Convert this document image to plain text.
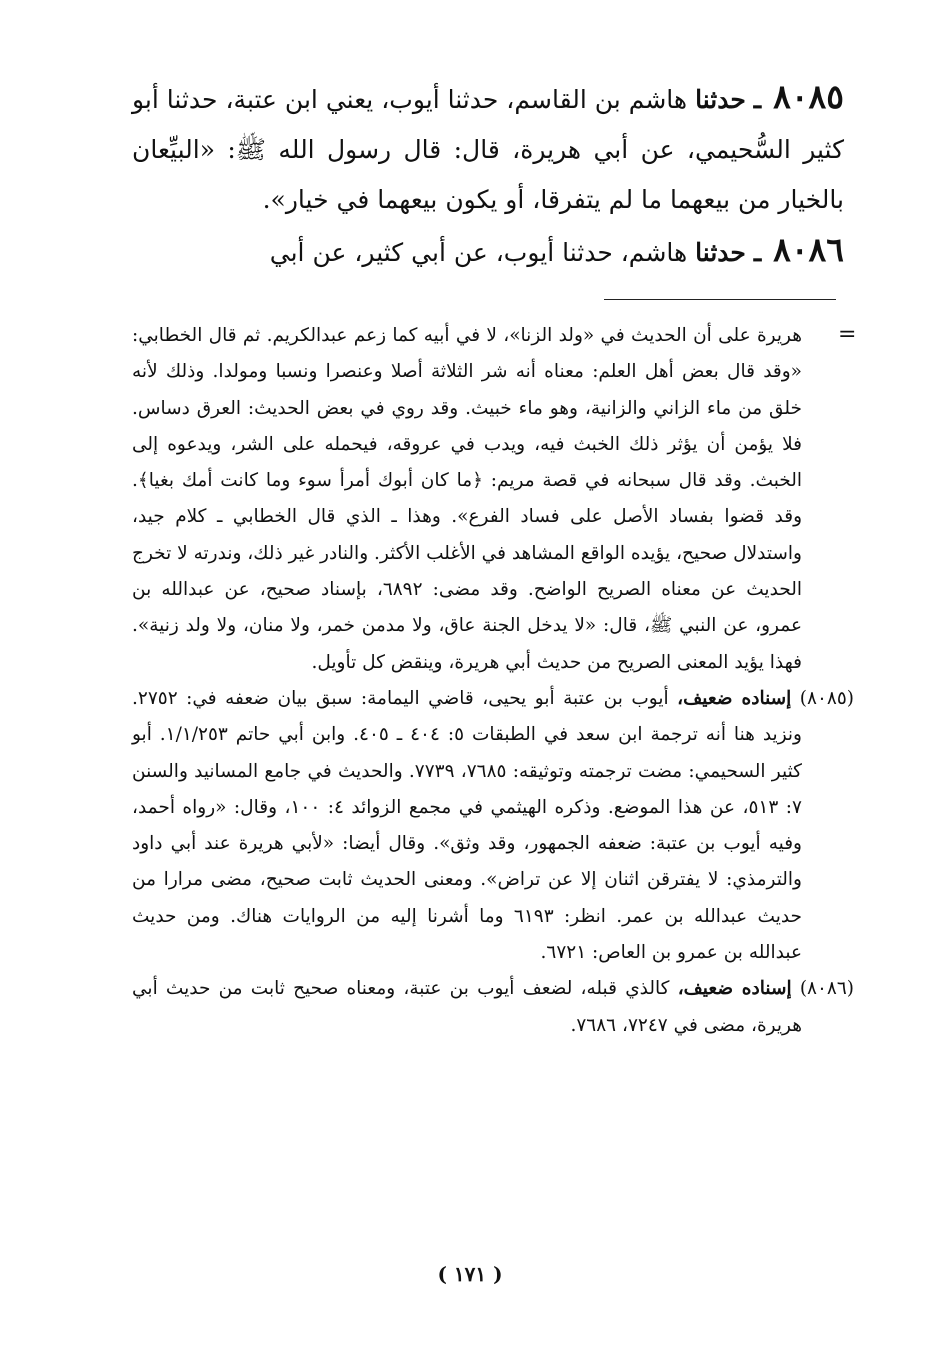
٨٠٨٥ ـ حدثنا هاشم بن القاسم، حدثنا أيوب، يعني ابن عتبة، حدثنا أبو كثير السُّحيمي، عن أبي هريرة، قال: قال رسول الله ﷺ: «البيِّعان بالخيار من بيعهما ما لم يتفرقا، أو يكون بيعهما في خيار».

٨٠٨٦ ـ حدثنا هاشم، حدثنا أيوب، عن أبي كثير، عن أبي

=

هريرة على أن الحديث في «ولد الزنا»، لا في أبيه كما زعم عبدالكريم. ثم قال الخطابي: «وقد قال بعض أهل العلم: معناه أنه شر الثلاثة أصلا وعنصرا ونسبا ومولدا. وذلك لأنه خلق من ماء الزاني والزانية، وهو ماء خبيث. وقد روي في بعض الحديث: العرق دساس. فلا يؤمن أن يؤثر ذلك الخبث فيه، ويدب في عروقه، فيحمله على الشر، ويدعوه إلى الخبث. وقد قال سبحانه في قصة مريم: ﴿ما كان أبوك أمرأ سوء وما كانت أمك بغيا﴾. وقد قضوا بفساد الأصل على فساد الفرع». وهذا ـ الذي قال الخطابي ـ كلام جيد، واستدلال صحيح، يؤيده الواقع المشاهد في الأغلب الأكثر. والنادر غير ذلك، وندرته لا تخرج الحديث عن معناه الصريح الواضح. وقد مضى: ٦٨٩٢، بإسناد صحيح، عن عبدالله بن عمرو، عن النبي ﷺ، قال: «لا يدخل الجنة عاق، ولا مدمن خمر، ولا منان، ولا ولد زنية». فهذا يؤيد المعنى الصريح من حديث أبي هريرة، وينقض كل تأويل.

(٨٠٨٥) إسناده ضعيف، أيوب بن عتبة أبو يحيى، قاضي اليمامة: سبق بيان ضعفه في: ٢٧٥٢. ونزيد هنا أنه ترجمة ابن سعد في الطبقات ٥: ٤٠٤ ـ ٤٠٥. وابن أبي حاتم ١/١/٢٥٣. أبو كثير السحيمي: مضت ترجمته وتوثيقه: ٧٦٨٥، ٧٧٣٩. والحديث في جامع المسانيد والسنن ٧: ٥١٣، عن هذا الموضع. وذكره الهيثمي في مجمع الزوائد ٤: ١٠٠، وقال: «رواه أحمد، وفيه أيوب بن عتبة: ضعفه الجمهور، وقد وثق». وقال أيضا: «لأبي هريرة عند أبي داود والترمذي: لا يفترقن اثنان إلا عن تراض». ومعنى الحديث ثابت صحيح، مضى مرارا من حديث عبدالله بن عمر. انظر: ٦١٩٣ وما أشرنا إليه من الروايات هناك. ومن حديث عبدالله بن عمرو بن العاص: ٦٧٢١.

(٨٠٨٦) إسناده ضعيف، كالذي قبله، لضعف أيوب بن عتبة، ومعناه صحيح ثابت من حديث أبي هريرة، مضى في ٧٢٤٧، ٧٦٨٦.

( ١٧١ )
